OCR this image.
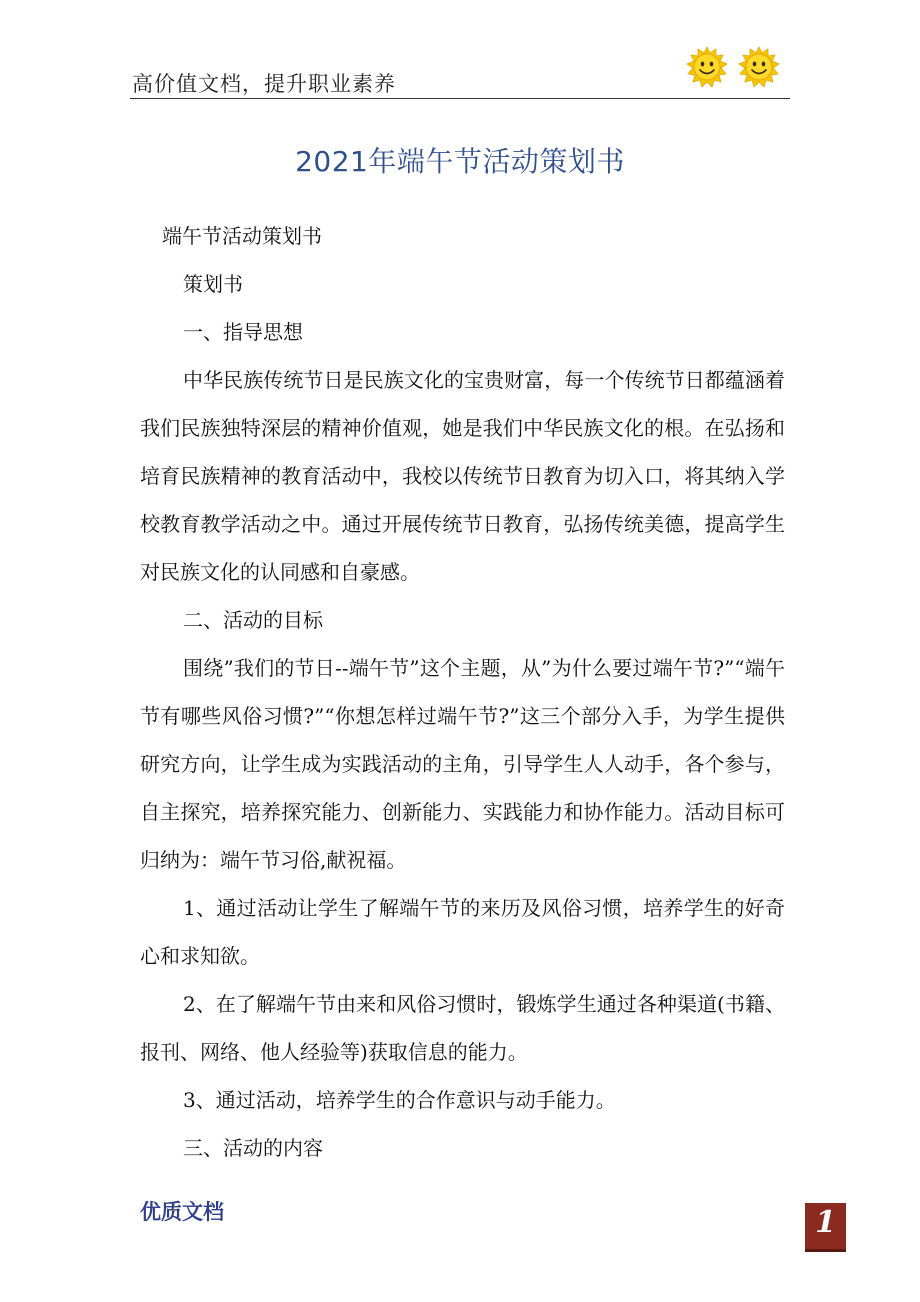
高价值文档，提升职业素养
2021年端午节活动策划书

端午节活动策划书

策划书

一、指导思想

中华民族传统节日是民族文化的宝贵财富，每一个传统节日都蕴涵着我们民族独特深层的精神价值观，她是我们中华民族文化的根。在弘扬和培育民族精神的教育活动中，我校以传统节日教育为切入口，将其纳入学校教育教学活动之中。通过开展传统节日教育，弘扬传统美德，提高学生对民族文化的认同感和自豪感。

二、活动的目标

围绕”我们的节日--端午节”这个主题，从”为什么要过端午节?”“端午节有哪些风俗习惯?”“你想怎样过端午节?”这三个部分入手，为学生提供研究方向，让学生成为实践活动的主角，引导学生人人动手，各个参与，自主探究，培养探究能力、创新能力、实践能力和协作能力。活动目标可归纳为：端午节习俗,献祝福。

1、通过活动让学生了解端午节的来历及风俗习惯，培养学生的好奇心和求知欲。

2、在了解端午节由来和风俗习惯时，锻炼学生通过各种渠道(书籍、报刊、网络、他人经验等)获取信息的能力。

3、通过活动，培养学生的合作意识与动手能力。

三、活动的内容

优质文档	1
